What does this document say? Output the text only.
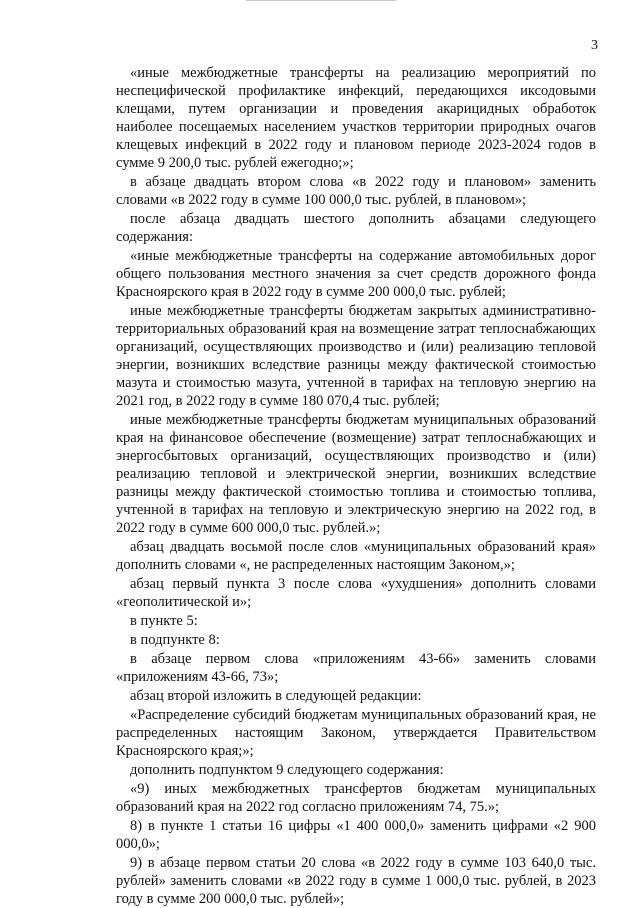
3

«иные межбюджетные трансферты на реализацию мероприятий по неспецифической профилактике инфекций, передающихся иксодовыми клещами, путем организации и проведения акарицидных обработок наиболее посещаемых населением участков территории природных очагов клещевых инфекций в 2022 году и плановом периоде 2023-2024 годов в сумме 9 200,0 тыс. рублей ежегодно;»;

в абзаце двадцать втором слова «в 2022 году и плановом» заменить словами «в 2022 году в сумме 100 000,0 тыс. рублей, в плановом»;

после абзаца двадцать шестого дополнить абзацами следующего содержания:

«иные межбюджетные трансферты на содержание автомобильных дорог общего пользования местного значения за счет средств дорожного фонда Красноярского края в 2022 году в сумме 200 000,0 тыс. рублей;

иные межбюджетные трансферты бюджетам закрытых административно-территориальных образований края на возмещение затрат теплоснабжающих организаций, осуществляющих производство и (или) реализацию тепловой энергии, возникших вследствие разницы между фактической стоимостью мазута и стоимостью мазута, учтенной в тарифах на тепловую энергию на 2021 год, в 2022 году в сумме 180 070,4 тыс. рублей;

иные межбюджетные трансферты бюджетам муниципальных образований края на финансовое обеспечение (возмещение) затрат теплоснабжающих и энергосбытовых организаций, осуществляющих производство и (или) реализацию тепловой и электрической энергии, возникших вследствие разницы между фактической стоимостью топлива и стоимостью топлива, учтенной в тарифах на тепловую и электрическую энергию на 2022 год, в 2022 году в сумме 600 000,0 тыс. рублей.»;

абзац двадцать восьмой после слов «муниципальных образований края» дополнить словами «, не распределенных настоящим Законом,»;

абзац первый пункта 3 после слова «ухудшения» дополнить словами «геополитической и»;

в пункте 5:

в подпункте 8:

в абзаце первом слова «приложениям 43-66» заменить словами «приложениям 43-66, 73»;

абзац второй изложить в следующей редакции:

«Распределение субсидий бюджетам муниципальных образований края, не распределенных настоящим Законом, утверждается Правительством Красноярского края;»;

дополнить подпунктом 9 следующего содержания:

«9) иных межбюджетных трансфертов бюджетам муниципальных образований края на 2022 год согласно приложениям 74, 75.»;

8) в пункте 1 статьи 16 цифры «1 400 000,0» заменить цифрами «2 900 000,0»;

9) в абзаце первом статьи 20 слова «в 2022 году в сумме 103 640,0 тыс. рублей» заменить словами «в 2022 году в сумме 1 000,0 тыс. рублей, в 2023 году в сумме 200 000,0 тыс. рублей»;
